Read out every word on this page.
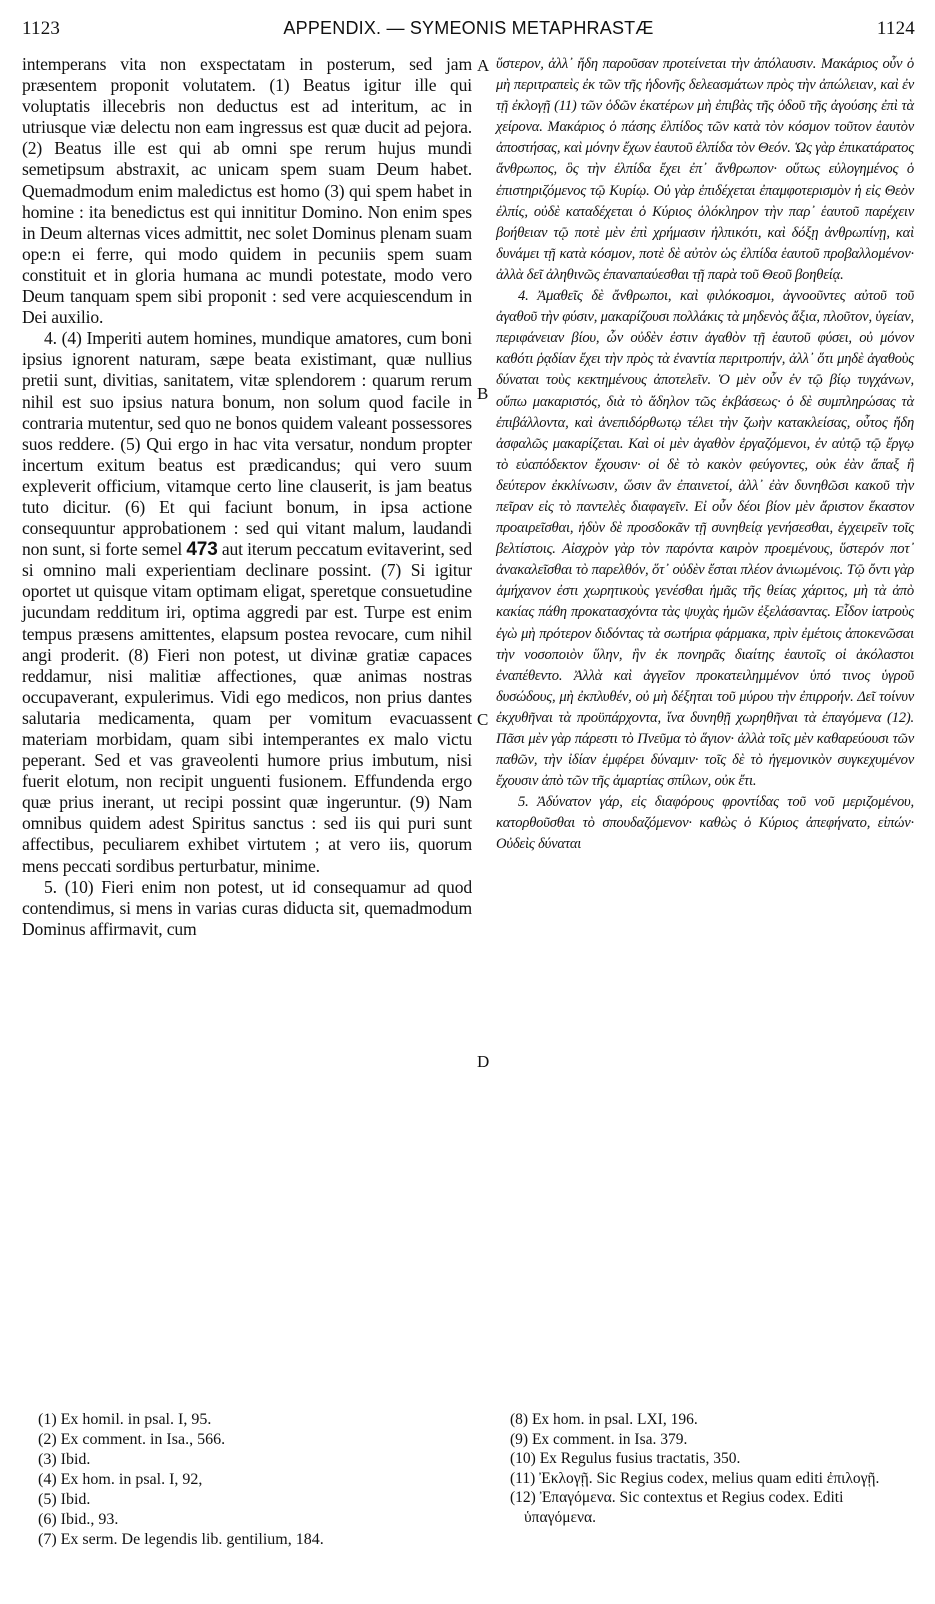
1123	APPENDIX. — SYMEONIS METAPHRASTÆ	1124

intemperans vita non exspectatam in posterum, sed jam præsentem proponit volutatem. (1) Beatus igitur ille qui voluptatis illecebris non deductus est ad interitum, ac in utriusque viæ delectu non eam ingressus est quæ ducit ad pejora. (2) Beatus ille est qui ab omni spe rerum hujus mundi semetipsum abstraxit, ac unicam spem suam Deum habet. Quemadmodum enim maledictus est homo (3) qui spem habet in homine : ita benedictus est qui innititur Domino. Non enim spes in Deum alternas vices admittit, nec solet Dominus plenam suam ope:n ei ferre, qui modo quidem in pecuniis spem suam constituit et in gloria humana ac mundi potestate, modo vero Deum tanquam spem sibi proponit : sed vere acquiescendum in Dei auxilio.

4. (4) Imperiti autem homines, mundique amatores, cum boni ipsius ignorent naturam, sæpe beata existimant, quæ nullius pretii sunt, divitias, sanitatem, vitæ splendorem : quarum rerum nihil est suo ipsius natura bonum, non solum quod facile in contraria mutentur, sed quo ne bonos quidem valeant possessores suos reddere. (5) Qui ergo in hac vita versatur, nondum propter incertum exitum beatus est prædicandus; qui vero suum expleverit officium, vitamque certo line clauserit, is jam beatus tuto dicitur. (6) Et qui faciunt bonum, in ipsa actione consequuntur approbationem : sed qui vitant malum, laudandi non sunt, si forte semel 473 aut iterum peccatum evitaverint, sed si omnino mali experientiam declinare possint. (7) Si igitur oportet ut quisque vitam optimam eligat, speretque consuetudine jucundam redditum iri, optima aggredi par est. Turpe est enim tempus præsens amittentes, elapsum postea revocare, cum nihil angi proderit. (8) Fieri non potest, ut divinæ gratiæ capaces reddamur, nisi malitiæ affectiones, quæ animas nostras occupaverant, expulerimus. Vidi ego medicos, non prius dantes salutaria medicamenta, quam per vomitum evacuassent materiam morbidam, quam sibi intemperantes ex malo victu peperant. Sed et vas graveolenti humore prius imbutum, nisi fuerit elotum, non recipit unguenti fusionem. Effundenda ergo quæ prius inerant, ut recipi possint quæ ingeruntur. (9) Nam omnibus quidem adest Spiritus sanctus : sed iis qui puri sunt affectibus, peculiarem exhibet virtutem ; at vero iis, quorum mens peccati sordibus perturbatur, minime.

5. (10) Fieri enim non potest, ut id consequamur ad quod contendimus, si mens in varias curas diducta sit, quemadmodum Dominus affirmavit, cum

A
B
C
D

ὕστερον, ἀλλ᾽ ἤδη παροῦσαν προτείνεται τὴν ἀπόλαυσιν. Μακάριος οὖν ὁ μὴ περιτραπεὶς ἐκ τῶν τῆς ἡδονῆς δελεασμάτων πρὸς τὴν ἀπώλειαν, καὶ ἐν τῇ ἐκλογῇ (11) τῶν ὁδῶν ἑκατέρων μὴ ἐπιβὰς τῆς ὁδοῦ τῆς ἀγούσης ἐπὶ τὰ χείρονα. Μακάριος ὁ πάσης ἐλπίδος τῶν κατὰ τὸν κόσμον τοῦτον ἑαυτὸν ἀποστήσας, καὶ μόνην ἔχων ἑαυτοῦ ἐλπίδα τὸν Θεόν. Ὡς γὰρ ἐπικατάρατος ἄνθρωπος, ὃς τὴν ἐλπίδα ἔχει ἐπ᾽ ἄνθρωπον· οὕτως εὐλογημένος ὁ ἐπιστηριζόμενος τῷ Κυρίῳ. Οὐ γὰρ ἐπιδέχεται ἐπαμφοτερισμὸν ἡ εἰς Θεὸν ἐλπίς, οὐδὲ καταδέχεται ὁ Κύριος ὁλόκληρον τὴν παρ᾽ ἑαυτοῦ παρέχειν βοήθειαν τῷ ποτὲ μὲν ἐπὶ χρήμασιν ἠλπικότι, καὶ δόξῃ ἀνθρωπίνῃ, καὶ δυνάμει τῇ κατὰ κόσμον, ποτὲ δὲ αὐτὸν ὡς ἐλπίδα ἑαυτοῦ προβαλλομένον· ἀλλὰ δεῖ ἀληθινῶς ἐπαναπαύεσθαι τῇ παρὰ τοῦ Θεοῦ βοηθείᾳ.

4. Ἀμαθεῖς δὲ ἄνθρωποι, καὶ φιλόκοσμοι, ἀγνοοῦντες αὐτοῦ τοῦ ἀγαθοῦ τὴν φύσιν, μακαρίζουσι πολλάκις τὰ μηδενὸς ἄξια, πλοῦτον, ὑγείαν, περιφάνειαν βίου, ὧν οὐδὲν ἐστιν ἀγαθὸν τῇ ἑαυτοῦ φύσει, οὐ μόνον καθότι ῥᾳδίαν ἔχει τὴν πρὸς τὰ ἐναντία περιτροπήν, ἀλλ᾽ ὅτι μηδὲ ἀγαθοὺς δύναται τοὺς κεκτημένους ἀποτελεῖν. Ὁ μὲν οὖν ἐν τῷ βίῳ τυγχάνων, οὔπω μακαριστός, διὰ τὸ ἄδηλον τῶς ἐκβάσεως· ὁ δὲ συμπληρώσας τὰ ἐπιβάλλοντα, καὶ ἀνεπιδόρθωτῳ τέλει τὴν ζωὴν κατακλείσας, οὗτος ἤδη ἀσφαλῶς μακαρίζεται. Καὶ οἱ μὲν ἀγαθὸν ἐργαζόμενοι, ἐν αὐτῷ τῷ ἔργῳ τὸ εὐαπόδεκτον ἔχουσιν· οἱ δὲ τὸ κακὸν φεύγοντες, οὐκ ἐὰν ἅπαξ ἢ δεύτερον ἐκκλίνωσιν, ὥσιν ἂν ἐπαινετοί, ἀλλ᾽ ἐὰν δυνηθῶσι κακοῦ τὴν πεῖραν εἰς τὸ παντελὲς διαφαγεῖν. Εἰ οὖν δέοι βίον μὲν ἄριστον ἕκαστον προαιρεῖσθαι, ἡδὺν δὲ προσδοκᾶν τῇ συνηθείᾳ γενήσεσθαι, ἐγχειρεῖν τοῖς βελτίστοις. Αἰσχρὸν γὰρ τὸν παρόντα καιρὸν προεμένους, ὕστερόν ποτ᾽ ἀνακαλεῖσθαι τὸ παρελθόν, ὅτ᾽ οὐδὲν ἔσται πλέον ἀνιωμένοις. Τῷ ὄντι γὰρ ἀμήχανον ἐστι χωρητικοὺς γενέσθαι ἡμᾶς τῆς θείας χάριτος, μὴ τὰ ἀπὸ κακίας πάθη προκατασχόντα τὰς ψυχὰς ἡμῶν ἐξελάσαντας. Εἶδον ἰατροὺς ἐγὼ μὴ πρότερον διδόντας τὰ σωτήρια φάρμακα, πρὶν ἐμέτοις ἀποκενῶσαι τὴν νοσοποιὸν ὕλην, ἣν ἐκ πονηρᾶς διαίτης ἑαυτοῖς οἱ ἀκόλαστοι ἐναπέθεντο. Ἀλλὰ καὶ ἀγγεῖον προκατειλημμένον ὑπό τινος ὑγροῦ δυσώδους, μὴ ἐκπλυθέν, οὐ μὴ δέξηται τοῦ μύρου τὴν ἐπιρροήν. Δεῖ τοίνυν ἐκχυθῆναι τὰ προϋπάρχοντα, ἵνα δυνηθῇ χωρηθῆναι τὰ ἐπαγόμενα (12). Πᾶσι μὲν γὰρ πάρεστι τὸ Πνεῦμα τὸ ἅγιον· ἀλλὰ τοῖς μὲν καθαρεύουσι τῶν παθῶν, τὴν ἰδίαν ἐμφέρει δύναμιν· τοῖς δὲ τὸ ἡγεμονικὸν συγκεχυμένον ἔχουσιν ἀπὸ τῶν τῆς ἁμαρτίας σπίλων, οὐκ ἔτι.

5. Ἀδύνατον γάρ, εἰς διαφόρους φροντίδας τοῦ νοῦ μεριζομένου, κατορθοῦσθαι τὸ σπουδαζόμενον· καθὼς ὁ Κύριος ἀπεφήνατο, εἰπών· Οὐδεὶς δύναται

(1) Ex homil. in psal. I, 95.

(2) Ex comment. in Isa., 566.

(3) Ibid.

(4) Ex hom. in psal. I, 92,

(5) Ibid.

(6) Ibid., 93.

(7) Ex serm. De legendis lib. gentilium, 184.

(8) Ex hom. in psal. LXI, 196.

(9) Ex comment. in Isa. 379.

(10) Ex Regulus fusius tractatis, 350.

(11) Ἐκλογῇ. Sic Regius codex, melius quam editi ἐπιλογῇ.

(12) Ἐπαγόμενα. Sic contextus et Regius codex. Editi ὑπαγόμενα.
